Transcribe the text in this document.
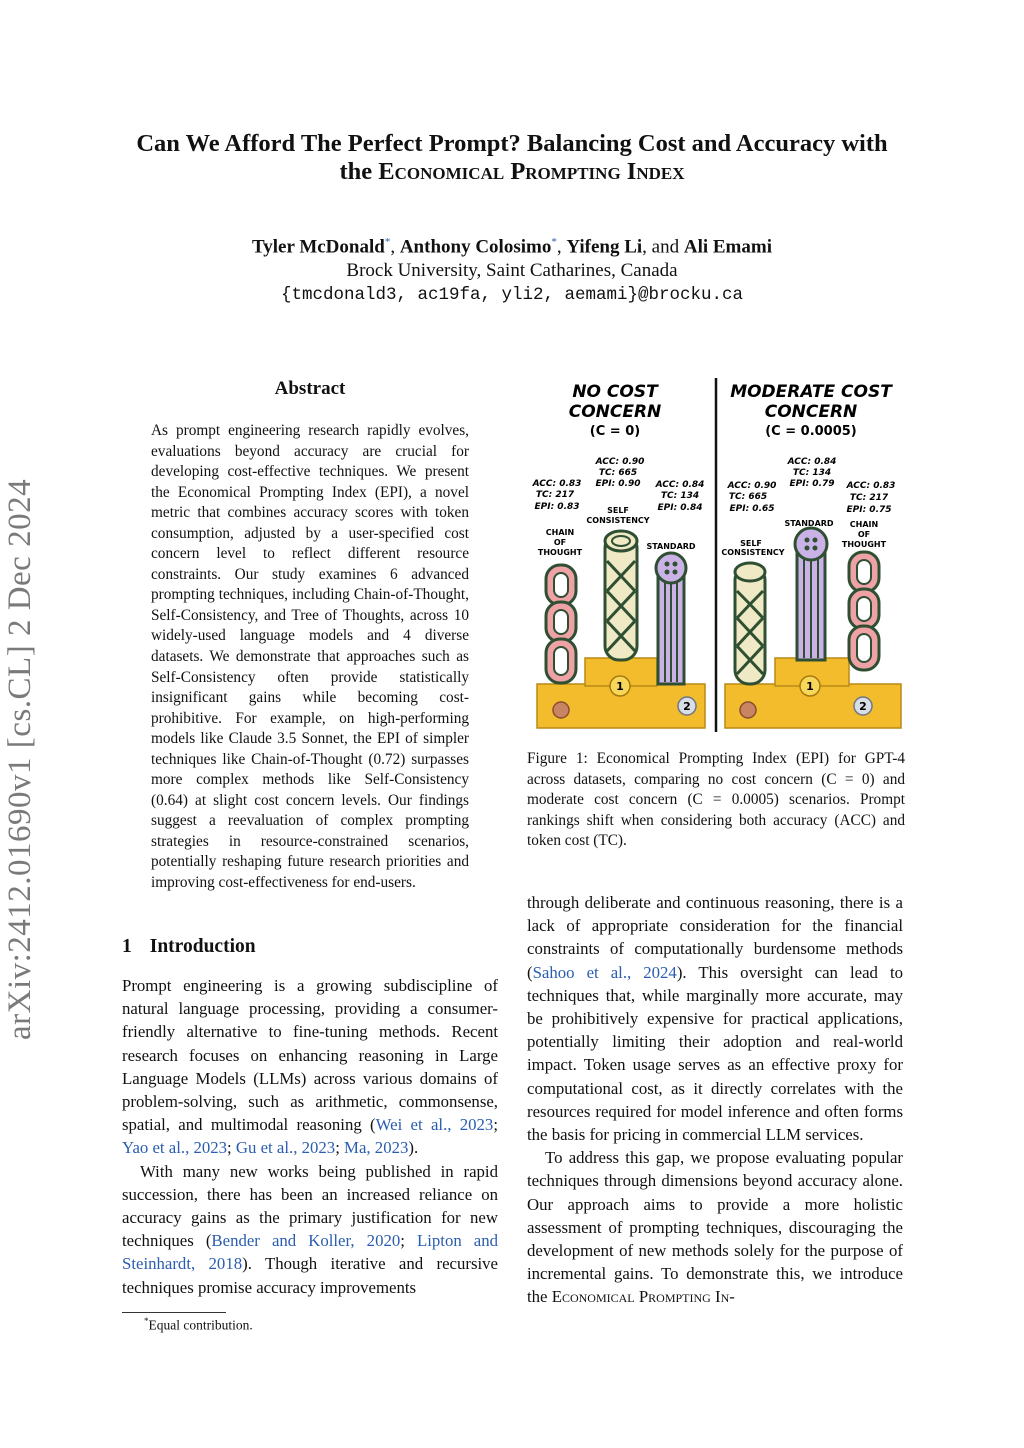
Can We Afford The Perfect Prompt? Balancing Cost and Accuracy with
the Economical Prompting Index
Tyler McDonald*, Anthony Colosimo*, Yifeng Li, and Ali Emami
Brock University, Saint Catharines, Canada
{tmcdonald3, ac19fa, yli2, aemami}@brocku.ca
arXiv:2412.01690v1 [cs.CL] 2 Dec 2024
Abstract
As prompt engineering research rapidly evolves, evaluations beyond accuracy are crucial for developing cost-effective techniques. We present the Economical Prompting Index (EPI), a novel metric that combines accuracy scores with token consumption, adjusted by a user-specified cost concern level to reflect different resource constraints. Our study examines 6 advanced prompting techniques, including Chain-of-Thought, Self-Consistency, and Tree of Thoughts, across 10 widely-used language models and 4 diverse datasets. We demonstrate that approaches such as Self-Consistency often provide statistically insignificant gains while becoming cost-prohibitive. For example, on high-performing models like Claude 3.5 Sonnet, the EPI of simpler techniques like Chain-of-Thought (0.72) surpasses more complex methods like Self-Consistency (0.64) at slight cost concern levels. Our findings suggest a reevaluation of complex prompting strategies in resource-constrained scenarios, potentially reshaping future research priorities and improving cost-effectiveness for end-users.
1 Introduction

Prompt engineering is a growing subdiscipline of natural language processing, providing a consumer-friendly alternative to fine-tuning methods. Recent research focuses on enhancing reasoning in Large Language Models (LLMs) across various domains of problem-solving, such as arithmetic, commonsense, spatial, and multimodal reasoning (Wei et al., 2023; Yao et al., 2023; Gu et al., 2023; Ma, 2023).

With many new works being published in rapid succession, there has been an increased reliance on accuracy gains as the primary justification for new techniques (Bender and Koller, 2020; Lipton and Steinhardt, 2018). Though iterative and recursive techniques promise accuracy improvements

*Equal contribution.

through deliberate and continuous reasoning, there is a lack of appropriate consideration for the financial constraints of computationally burdensome methods (Sahoo et al., 2024). This oversight can lead to techniques that, while marginally more accurate, may be prohibitively expensive for practical applications, potentially limiting their adoption and real-world impact. Token usage serves as an effective proxy for computational cost, as it directly correlates with the resources required for model inference and often forms the basis for pricing in commercial LLM services.

To address this gap, we propose evaluating popular techniques through dimensions beyond accuracy alone. Our approach aims to provide a more holistic assessment of prompting techniques, discouraging the development of new methods solely for the purpose of incremental gains. To demonstrate this, we introduce the Economical Prompting In-

NO COST
CONCERN
(C = 0)
ACC: 0.90
TC: 665
EPI: 0.90
ACC: 0.83
TC: 217
EPI: 0.83
ACC: 0.84
TC: 134
EPI: 0.84
SELF
CONSISTENCY
CHAIN
OF
THOUGHT
STANDARD
1
2
MODERATE COST
CONCERN
(C = 0.0005)
ACC: 0.84
TC: 134
EPI: 0.79
ACC: 0.90
TC: 665
EPI: 0.65
ACC: 0.83
TC: 217
EPI: 0.75
STANDARD
SELF
CONSISTENCY
CHAIN
OF
THOUGHT
1
2
Figure 1: Economical Prompting Index (EPI) for GPT-4 across datasets, comparing no cost concern (C = 0) and moderate cost concern (C = 0.0005) scenarios. Prompt rankings shift when considering both accuracy (ACC) and token cost (TC).
